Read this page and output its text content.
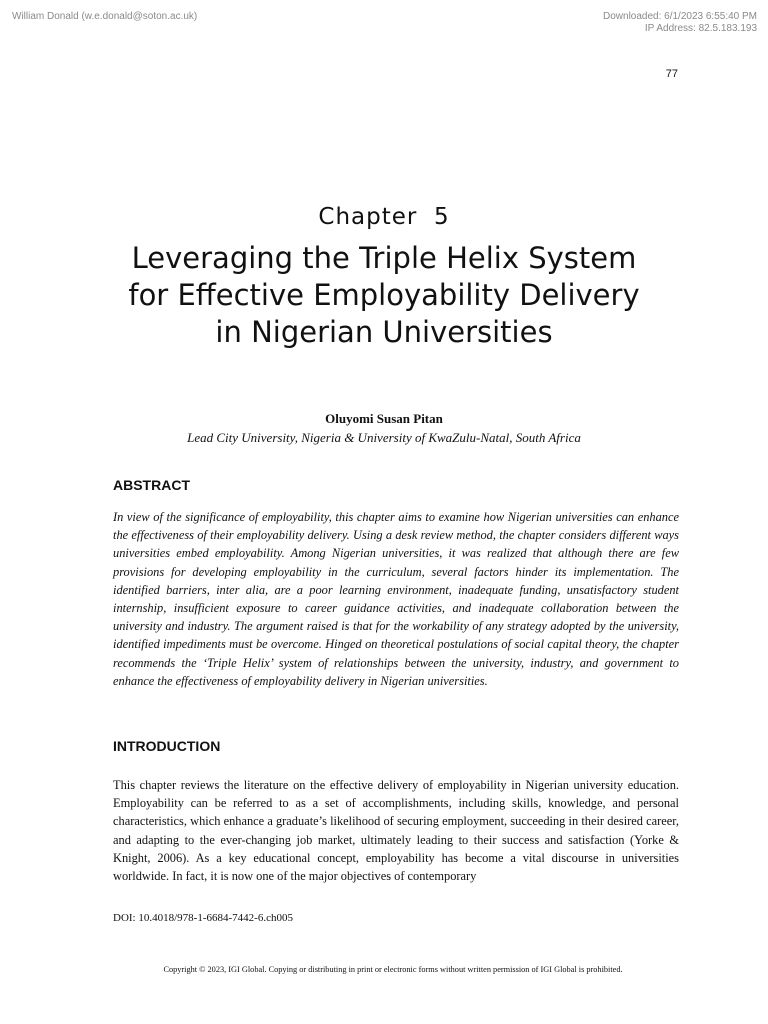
William Donald (w.e.donald@soton.ac.uk)	Downloaded: 6/1/2023 6:55:40 PM
IP Address: 82.5.183.193
77
Chapter  5
Leveraging the Triple Helix System for Effective Employability Delivery in Nigerian Universities
Oluyomi Susan Pitan
Lead City University, Nigeria & University of KwaZulu-Natal, South Africa
ABSTRACT

In view of the significance of employability, this chapter aims to examine how Nigerian universities can enhance the effectiveness of their employability delivery. Using a desk review method, the chapter considers different ways universities embed employability. Among Nigerian universities, it was realized that although there are few provisions for developing employability in the curriculum, several factors hinder its implementation. The identified barriers, inter alia, are a poor learning environment, inadequate funding, unsatisfactory student internship, insufficient exposure to career guidance activities, and inadequate collaboration between the university and industry. The argument raised is that for the workability of any strategy adopted by the university, identified impediments must be overcome. Hinged on theoretical postulations of social capital theory, the chapter recommends the ‘Triple Helix’ system of relationships between the university, industry, and government to enhance the effectiveness of employability delivery in Nigerian universities.

INTRODUCTION

This chapter reviews the literature on the effective delivery of employability in Nigerian university education. Employability can be referred to as a set of accomplishments, including skills, knowledge, and personal characteristics, which enhance a graduate’s likelihood of securing employment, succeeding in their desired career, and adapting to the ever-changing job market, ultimately leading to their success and satisfaction (Yorke & Knight, 2006). As a key educational concept, employability has become a vital discourse in universities worldwide. In fact, it is now one of the major objectives of contemporary

DOI: 10.4018/978-1-6684-7442-6.ch005
Copyright © 2023, IGI Global. Copying or distributing in print or electronic forms without written permission of IGI Global is prohibited.
